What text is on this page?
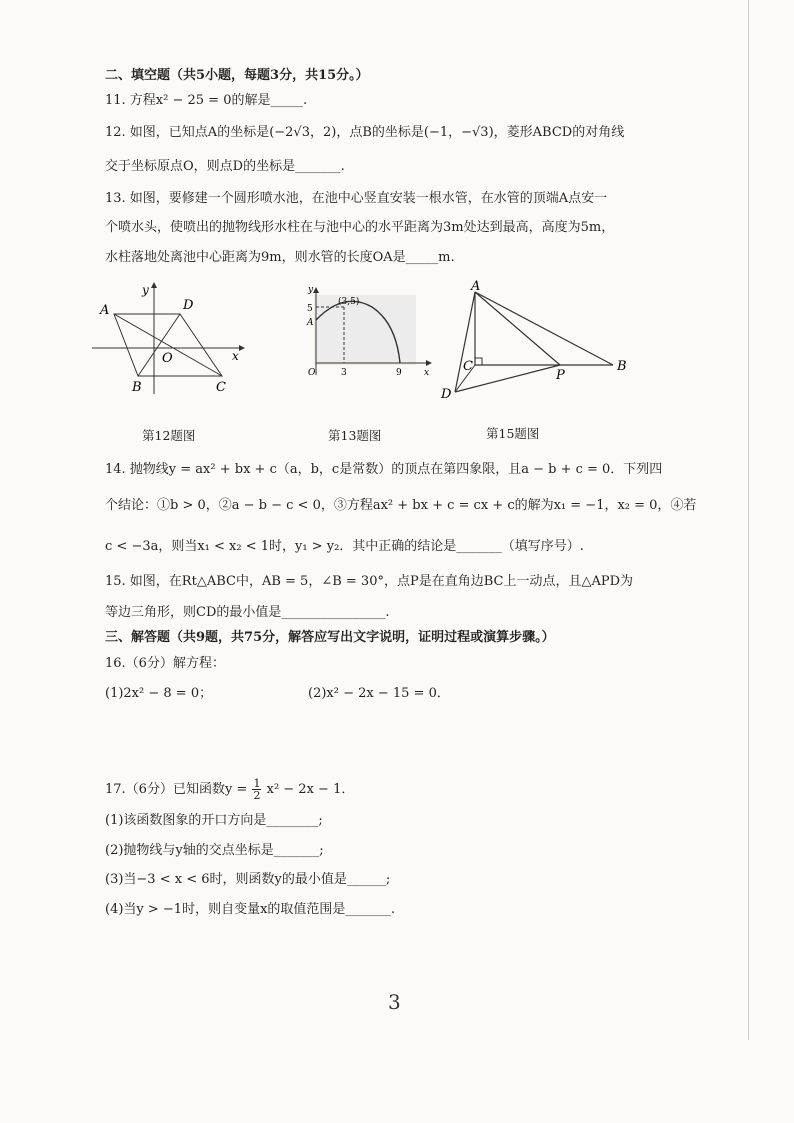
二、填空题（共5小题，每题3分，共15分。）
11. 方程x² − 25 = 0的解是_____.
12. 如图，已知点A的坐标是(−2√3，2)，点B的坐标是(−1，−√3)，菱形ABCD的对角线
交于坐标原点O，则点D的坐标是_______.
13. 如图，要修建一个圆形喷水池，在池中心竖直安装一根水管，在水管的顶端A点安一
个喷水头，使喷出的抛物线形水柱在与池中心的水平距离为3m处达到最高，高度为5m，
水柱落地处离池中心距离为9m，则水管的长度OA是_____m.
A	D
B	C
O	x
y
第12题图
(3,5)
5
A
O	3	9 x
y
第13题图
A
B
C
P
D
第15题图
14. 抛物线y = ax² + bx + c（a，b，c是常数）的顶点在第四象限，且a − b + c = 0．下列四
个结论：①b > 0，②a − b − c < 0，③方程ax² + bx + c = cx + c的解为x₁ = −1，x₂ = 0，④若
c < −3a，则当x₁ < x₂ < 1时，y₁ > y₂．其中正确的结论是_______（填写序号）.
15. 如图，在Rt△ABC中，AB = 5，∠B = 30°，点P是在直角边BC上一动点，且△APD为
等边三角形，则CD的最小值是________________.
三、解答题（共9题，共75分，解答应写出文字说明，证明过程或演算步骤。）
16.（6分）解方程：
(1)2x² − 8 = 0；	(2)x² − 2x − 15 = 0．
17.（6分）已知函数$y = \frac{1}{2} x^2 - 2x - 1$．
(1)该函数图象的开口方向是________;
(2)抛物线与y轴的交点坐标是_______;
(3)当−3 < x < 6时，则函数y的最小值是______;
(4)当y > −1时，则自变量x的取值范围是_______.
3
